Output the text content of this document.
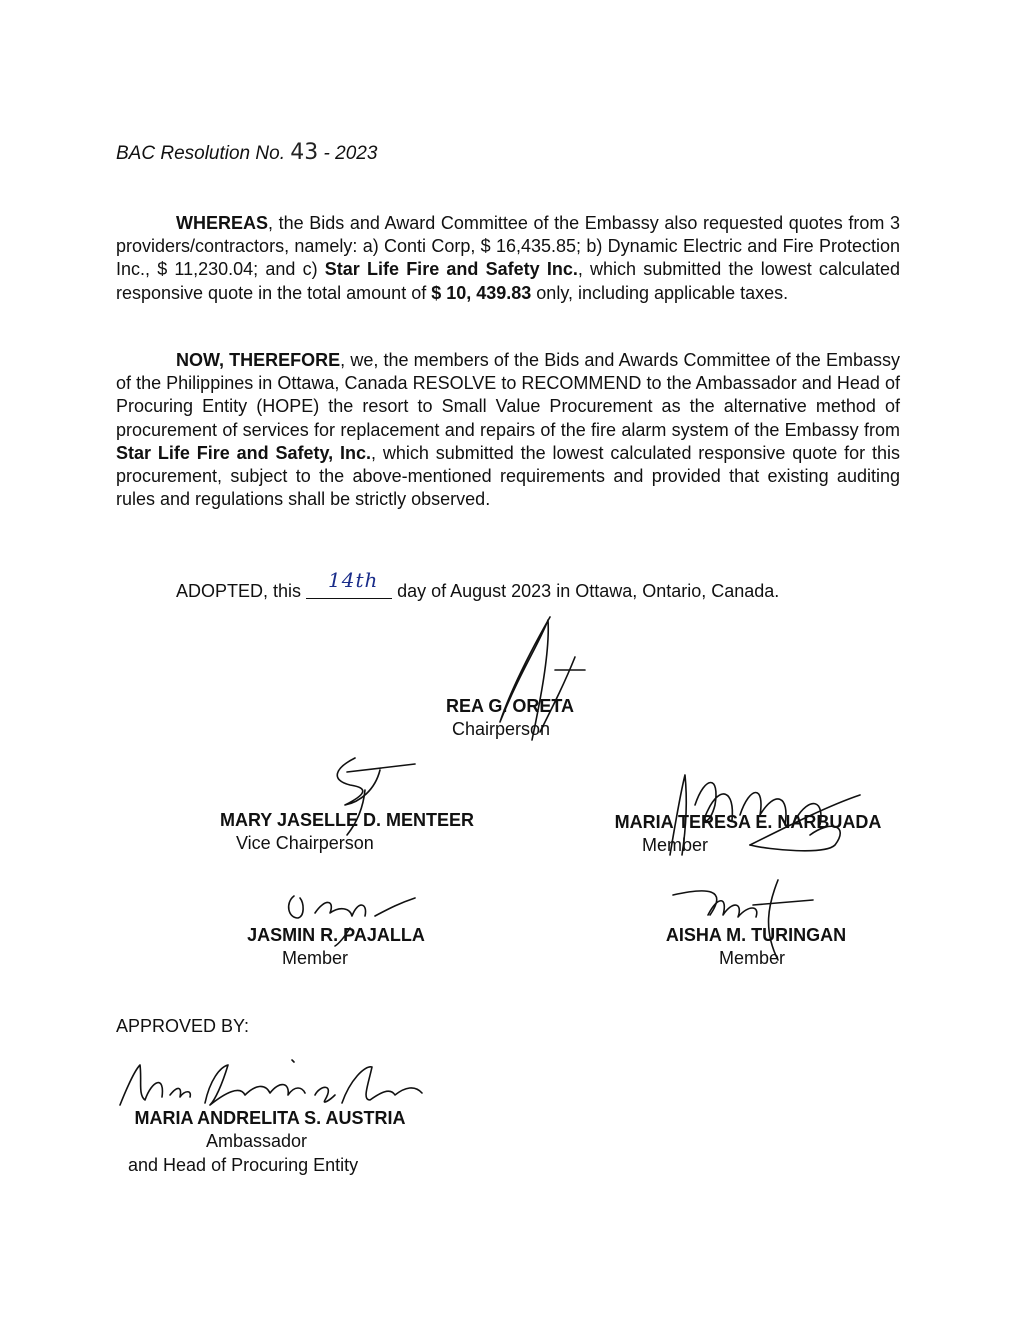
BAC Resolution No. 43 - 2023

WHEREAS, the Bids and Award Committee of the Embassy also requested quotes from 3 providers/contractors, namely: a) Conti Corp, $ 16,435.85; b) Dynamic Electric and Fire Protection Inc., $ 11,230.04; and c) Star Life Fire and Safety Inc., which submitted the lowest calculated responsive quote in the total amount of $ 10, 439.83 only, including applicable taxes.

NOW, THEREFORE, we, the members of the Bids and Awards Committee of the Embassy of the Philippines in Ottawa, Canada RESOLVE to RECOMMEND to the Ambassador and Head of Procuring Entity (HOPE) the resort to Small Value Procurement as the alternative method of procurement of services for replacement and repairs of the fire alarm system of the Embassy from Star Life Fire and Safety, Inc., which submitted the lowest calculated responsive quote for this procurement, subject to the above-mentioned requirements and provided that existing auditing rules and regulations shall be strictly observed.

ADOPTED, this 14th day of August 2023 in Ottawa, Ontario, Canada.
REA G. ORETA
Chairperson
MARY JASELLE D. MENTEER
Vice Chairperson
MARIA TERESA E. NARBUADA
Member
JASMIN R. PAJALLA
Member
AISHA M. TURINGAN
Member
APPROVED BY:
MARIA ANDRELITA S. AUSTRIA
Ambassador
and Head of Procuring Entity
